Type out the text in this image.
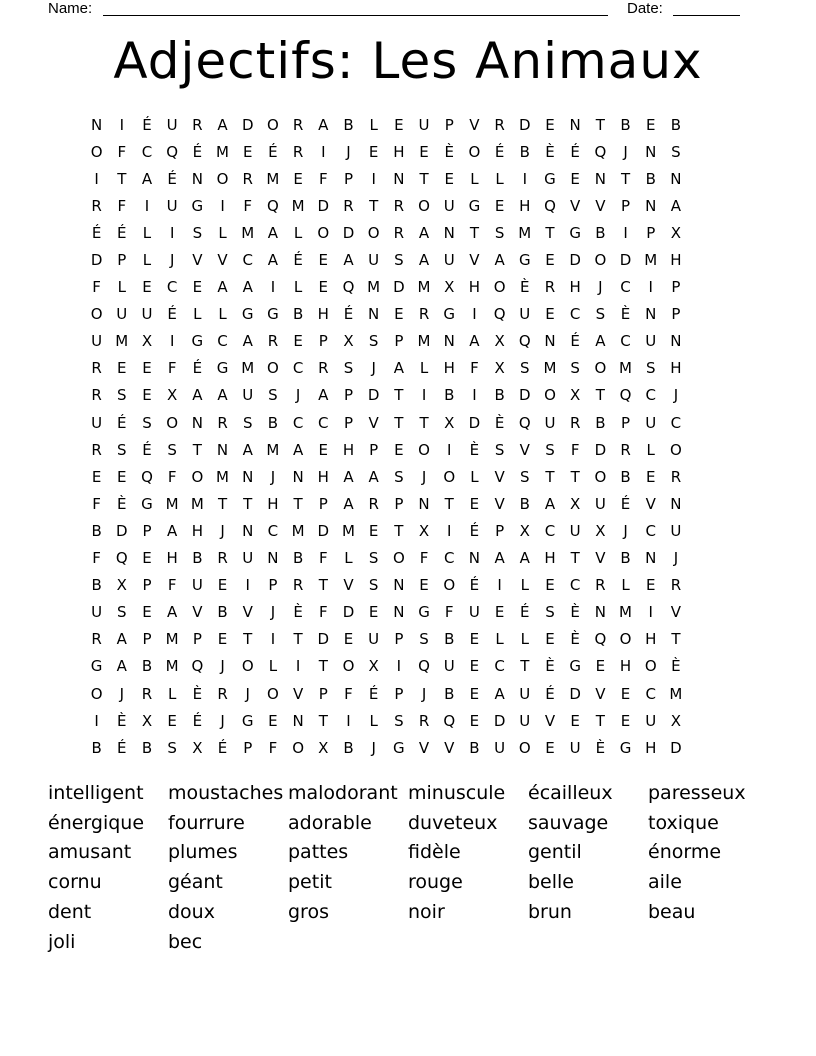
Name:	Date:
Adjectifs: Les Animaux
N	I	É U R A D O R A B	L	E U	P	V R D E N T	B	E	B
O F	C Q É M E	É	R	I	J	E H E	È O É	B	È	É Q	J	N S
I	T	A	É N O R M E	F	P	I	N T	E	L	L	I	G E N T	B N
R	F	I	U G	I	F Q M D R	T	R O U G E H Q V V	P	N A
É	É	L	I	S	L M A	L	O D O R A N T	S M T G B	I	P	X
D P	L	J	V V C A	É	E	A U S	A U V A G E D O D M H
F	L	E	C	E	A A	I	L	E Q M D M X H O È	R H	J	C	I	P
O U U É	L	L	G G B H É N E	R G	I	Q U E	C	S	È N	P
U M X	I	G C A R	E	P	X	S	P M N A X Q N É	A C U N
R	E	E	F	É G M O C R	S	J	A	L	H	F	X	S M S O M S H
R	S	E	X A A U S	J	A	P D T	I	B	I	B D O X	T Q C	J
U É	S O N R	S	B C C	P	V	T	T	X D È Q U R B	P	U C
R	S	É	S	T N A M A	E H	P	E O	I	È	S	V	S	F	D R	L	O
E	E Q F O M N	J	N H A A	S	J	O	L	V	S	T	T O B	E	R
F	È G M M T	T H T	P	A R	P	N T	E	V B A X U É	V N
B D P	A H	J	N C M D M E	T	X	I	É	P	X C U X	J	C U
F Q E H B R U N B	F	L	S O F	C N A A H T	V B N	J
B X	P	F	U E	I	P	R	T	V	S N E O É	I	L	E	C R	L	E	R
U S	E	A V B V	J	È	F	D E N G	F	U E	É	S	È N M	I	V
R A	P M P	E	T	I	T D E U	P	S	B	E	L	L	E	È Q O H T
G A B M Q	J	O	L	I	T O X	I	Q U E	C	T	È G E H O È
O	J	R	L	È	R	J	O V	P	F	É	P	J	B	E	A U É D V	E	C M
I	È	X	E	É	J	G E N T	I	L	S	R Q E D U V	E	T	E U X
B	É	B	S	X	É	P	F O X B	J	G V V B U O E U È G H D
intelligent	moustaches malodorant minuscule	écailleux	paresseux
énergique	fourrure	adorable	duveteux	sauvage	toxique
amusant	plumes	pattes	fidèle	gentil	énorme
cornu	géant	petit	rouge	belle	aile
dent	doux	gros	noir	brun	beau
joli	bec
